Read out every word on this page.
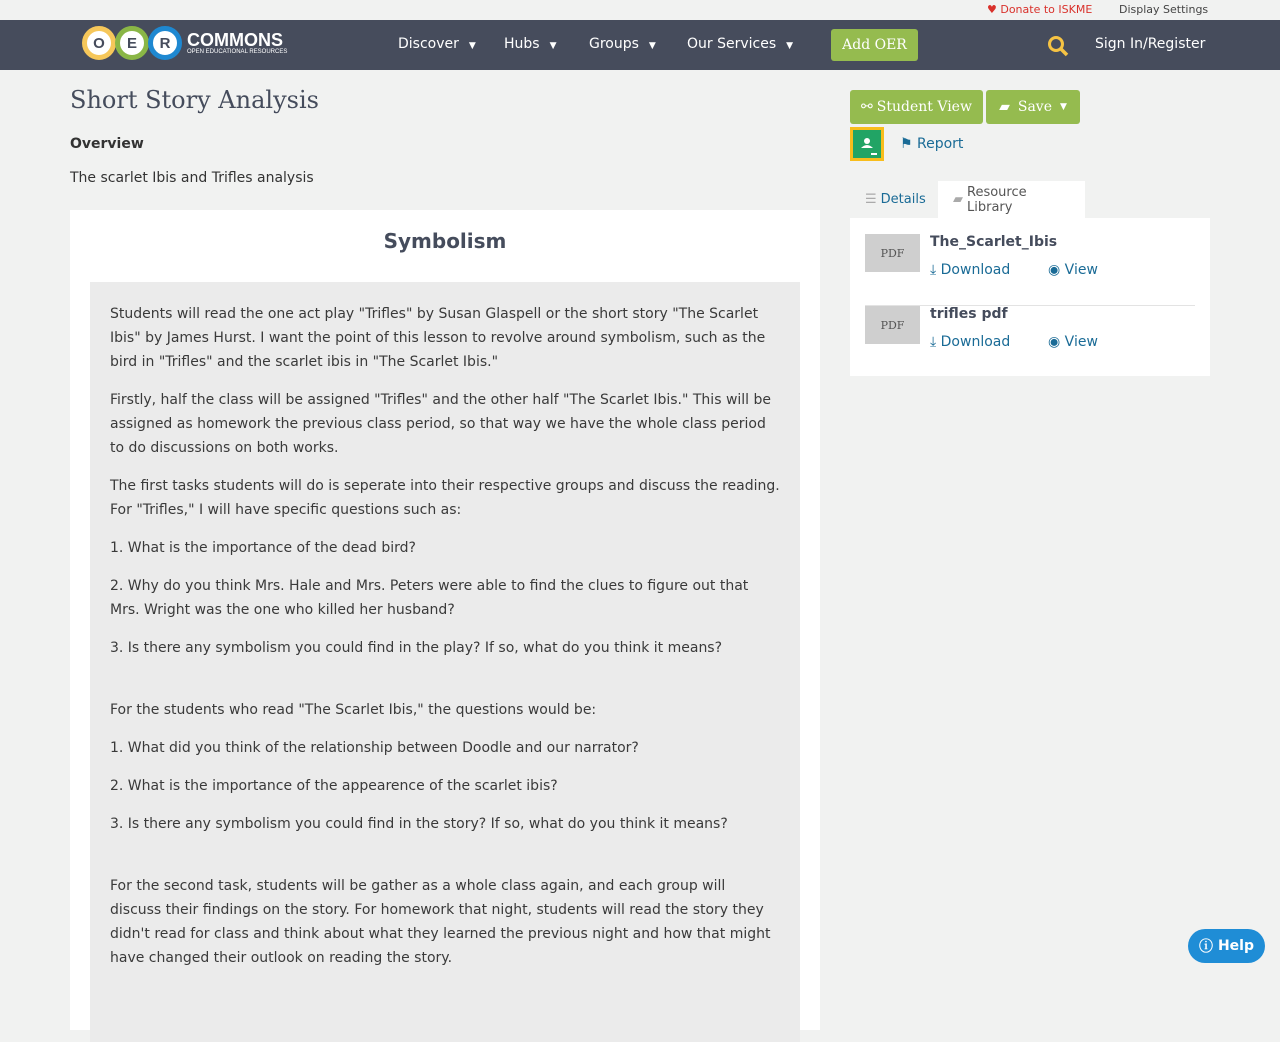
♥ Donate to ISKME Display Settings
O	E	R COMMONS
OPEN EDUCATIONAL RESOURCES	Discover ▼ Hubs ▼ Groups ▼ Our Services ▼	Add OER	Sign In/Register
Short Story Analysis
Overview
The scarlet Ibis and Trifles analysis
Symbolism

Students will read the one act play "Trifles" by Susan Glaspell or the short story "The Scarlet Ibis" by James Hurst. I want the point of this lesson to revolve around symbolism, such as the bird in "Trifles" and the scarlet ibis in "The Scarlet Ibis."

Firstly, half the class will be assigned "Trifles" and the other half "The Scarlet Ibis." This will be assigned as homework the previous class period, so that way we have the whole class period to do discussions on both works.

The first tasks students will do is seperate into their respective groups and discuss the reading. For "Trifles," I will have specific questions such as:

1. What is the importance of the dead bird?

2. Why do you think Mrs. Hale and Mrs. Peters were able to find the clues to figure out that Mrs. Wright was the one who killed her husband?

3. Is there any symbolism you could find in the play? If so, what do you think it means?

For the students who read "The Scarlet Ibis," the questions would be:

1. What did you think of the relationship between Doodle and our narrator?

2. What is the importance of the appearence of the scarlet ibis?

3. Is there any symbolism you could find in the story? If so, what do you think it means?

For the second task, students will be gather as a whole class again, and each group will discuss their findings on the story. For homework that night, students will read the story they didn't read for class and think about what they learned the previous night and how that might have changed their outlook on reading the story.

⚯ Student View ▰ Save ▼
⚑ Report
☰ Details ▰ Resource Library
PDF
The_Scarlet_Ibis
⤓ Download	◉ View
PDF
trifles pdf
⤓ Download	◉ View
ⓘ Help
